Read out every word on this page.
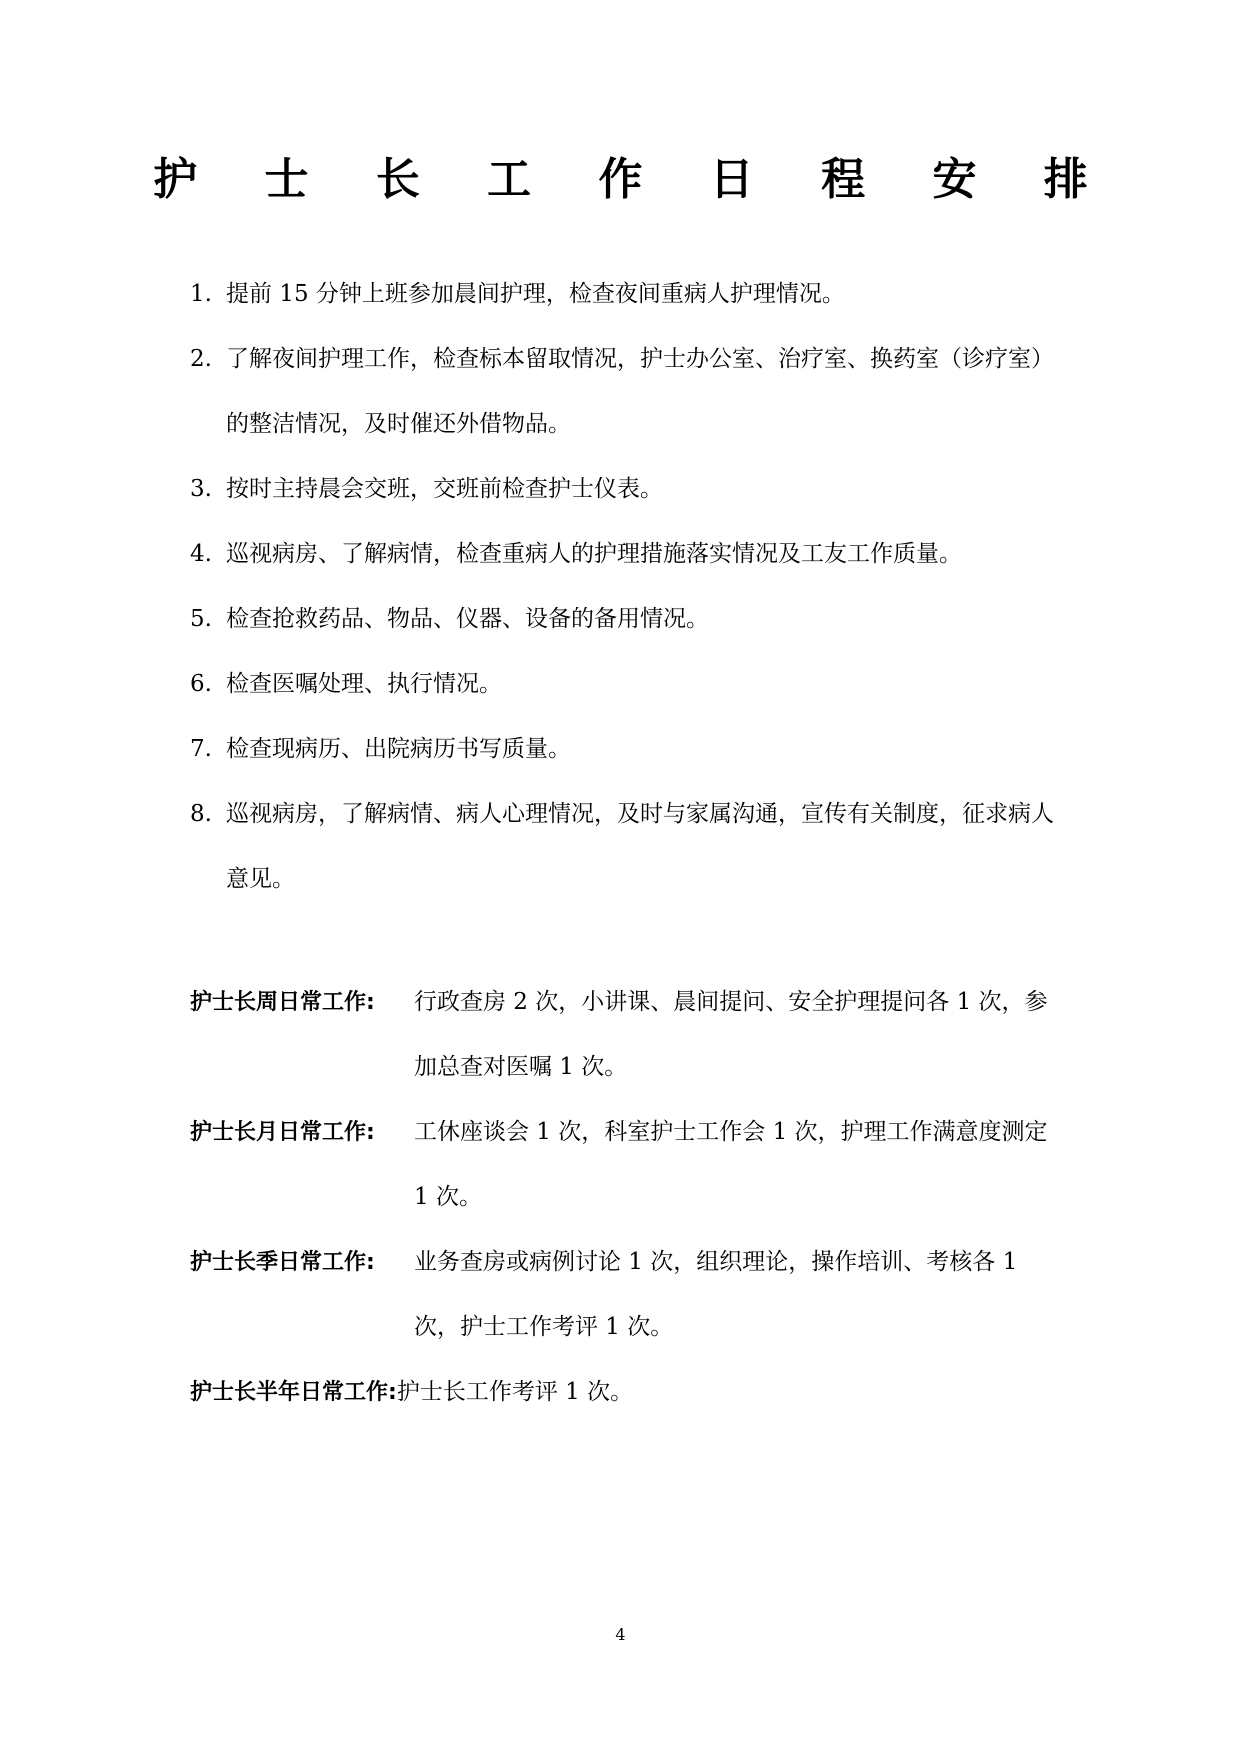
护 士 长 工 作 日 程 安 排
1. 提前 15 分钟上班参加晨间护理，检查夜间重病人护理情况。
2. 了解夜间护理工作，检查标本留取情况，护士办公室、治疗室、换药室（诊疗室）的整洁情况，及时催还外借物品。
3. 按时主持晨会交班，交班前检查护士仪表。
4. 巡视病房、了解病情，检查重病人的护理措施落实情况及工友工作质量。
5. 检查抢救药品、物品、仪器、设备的备用情况。
6. 检查医嘱处理、执行情况。
7. 检查现病历、出院病历书写质量。
8. 巡视病房，了解病情、病人心理情况，及时与家属沟通，宣传有关制度，征求病人意见。
护士长周日常工作:	行政查房 2 次，小讲课、晨间提问、安全护理提问各 1 次，参加总查对医嘱 1 次。
护士长月日常工作:	工休座谈会 1 次，科室护士工作会 1 次，护理工作满意度测定 1 次。
护士长季日常工作:	业务查房或病例讨论 1 次，组织理论，操作培训、考核各 1 次，护士工作考评 1 次。
护士长半年日常工作: 护士长工作考评 1 次。
4
